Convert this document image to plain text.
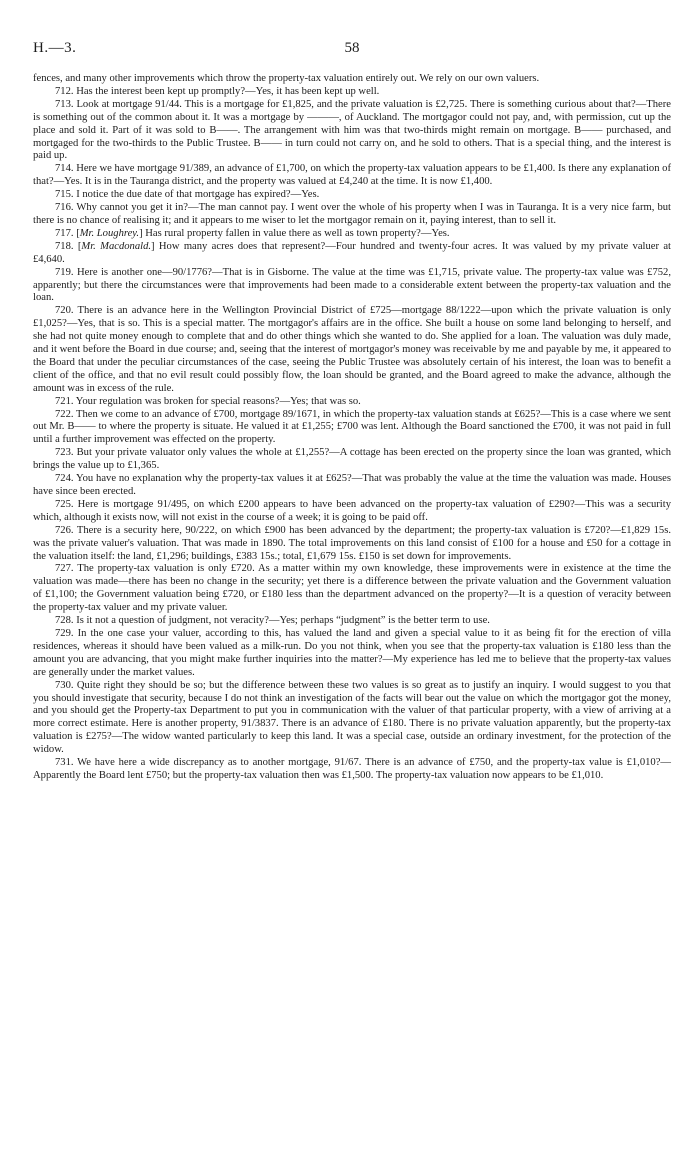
H.—3.	58

fences, and many other improvements which throw the property-tax valuation entirely out. We rely on our own valuers.

712. Has the interest been kept up promptly?—Yes, it has been kept up well.

713. Look at mortgage 91/44. This is a mortgage for £1,825, and the private valuation is £2,725. There is something curious about that?—There is something out of the common about it. It was a mortgage by ———, of Auckland. The mortgagor could not pay, and, with permission, cut up the place and sold it. Part of it was sold to B——. The arrangement with him was that two-thirds might remain on mortgage. B—— purchased, and mortgaged for the two-thirds to the Public Trustee. B—— in turn could not carry on, and he sold to others. That is a special thing, and the interest is paid up.

714. Here we have mortgage 91/389, an advance of £1,700, on which the property-tax valuation appears to be £1,400. Is there any explanation of that?—Yes. It is in the Tauranga district, and the property was valued at £4,240 at the time. It is now £1,400.

715. I notice the due date of that mortgage has expired?—Yes.

716. Why cannot you get it in?—The man cannot pay. I went over the whole of his property when I was in Tauranga. It is a very nice farm, but there is no chance of realising it; and it appears to me wiser to let the mortgagor remain on it, paying interest, than to sell it.

717. [Mr. Loughrey.] Has rural property fallen in value there as well as town property?—Yes.

718. [Mr. Macdonald.] How many acres does that represent?—Four hundred and twenty-four acres. It was valued by my private valuer at £4,640.

719. Here is another one—90/1776?—That is in Gisborne. The value at the time was £1,715, private value. The property-tax value was £752, apparently; but there the circumstances were that improvements had been made to a considerable extent between the property-tax valuation and the loan.

720. There is an advance here in the Wellington Provincial District of £725—mortgage 88/1222—upon which the private valuation is only £1,025?—Yes, that is so. This is a special matter. The mortgagor's affairs are in the office. She built a house on some land belonging to herself, and she had not quite money enough to complete that and do other things which she wanted to do. She applied for a loan. The valuation was duly made, and it went before the Board in due course; and, seeing that the interest of mortgagor's money was receivable by me and payable by me, it appeared to the Board that under the peculiar circumstances of the case, seeing the Public Trustee was absolutely certain of his interest, the loan was to benefit a client of the office, and that no evil result could possibly flow, the loan should be granted, and the Board agreed to make the advance, although the amount was in excess of the rule.

721. Your regulation was broken for special reasons?—Yes; that was so.

722. Then we come to an advance of £700, mortgage 89/1671, in which the property-tax valuation stands at £625?—This is a case where we sent out Mr. B—— to where the property is situate. He valued it at £1,255; £700 was lent. Although the Board sanctioned the £700, it was not paid in full until a further improvement was effected on the property.

723. But your private valuator only values the whole at £1,255?—A cottage has been erected on the property since the loan was granted, which brings the value up to £1,365.

724. You have no explanation why the property-tax values it at £625?—That was probably the value at the time the valuation was made. Houses have since been erected.

725. Here is mortgage 91/495, on which £200 appears to have been advanced on the property-tax valuation of £290?—This was a security which, although it exists now, will not exist in the course of a week; it is going to be paid off.

726. There is a security here, 90/222, on which £900 has been advanced by the department; the property-tax valuation is £720?—£1,829 15s. was the private valuer's valuation. That was made in 1890. The total improvements on this land consist of £100 for a house and £50 for a cottage in the valuation itself: the land, £1,296; buildings, £383 15s.; total, £1,679 15s. £150 is set down for improvements.

727. The property-tax valuation is only £720. As a matter within my own knowledge, these improvements were in existence at the time the valuation was made—there has been no change in the security; yet there is a difference between the private valuation and the Government valuation of £1,100; the Government valuation being £720, or £180 less than the department advanced on the property?—It is a question of veracity between the property-tax valuer and my private valuer.

728. Is it not a question of judgment, not veracity?—Yes; perhaps “judgment” is the better term to use.

729. In the one case your valuer, according to this, has valued the land and given a special value to it as being fit for the erection of villa residences, whereas it should have been valued as a milk-run. Do you not think, when you see that the property-tax valuation is £180 less than the amount you are advancing, that you might make further inquiries into the matter?—My experience has led me to believe that the property-tax values are generally under the market values.

730. Quite right they should be so; but the difference between these two values is so great as to justify an inquiry. I would suggest to you that you should investigate that security, because I do not think an investigation of the facts will bear out the value on which the mortgagor got the money, and you should get the Property-tax Department to put you in communication with the valuer of that particular property, with a view of arriving at a more correct estimate. Here is another property, 91/3837. There is an advance of £180. There is no private valuation apparently, but the property-tax valuation is £275?—The widow wanted particularly to keep this land. It was a special case, outside an ordinary investment, for the protection of the widow.

731. We have here a wide discrepancy as to another mortgage, 91/67. There is an advance of £750, and the property-tax value is £1,010?—Apparently the Board lent £750; but the property-tax valuation then was £1,500. The property-tax valuation now appears to be £1,010.
